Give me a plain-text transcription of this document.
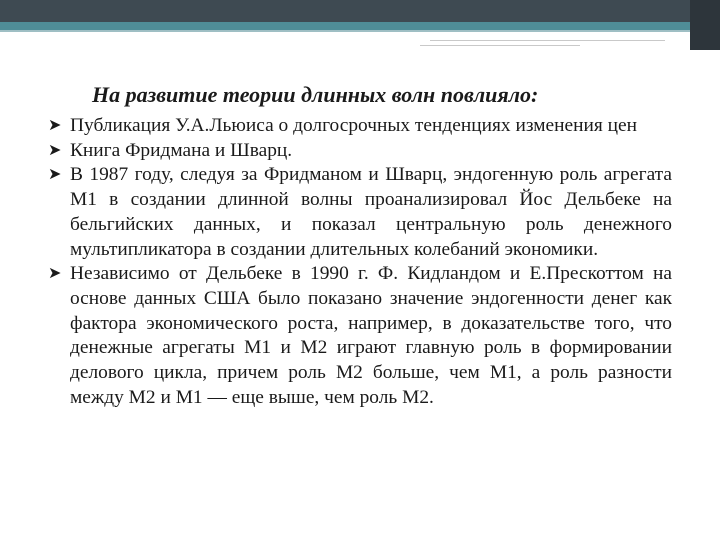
На развитие теории длинных волн повлияло:
➤ Публикация У.А.Льюиса о долгосрочных тенденциях изменения цен
➤ Книга Фридмана и Шварц.
➤ В 1987 году, следуя за Фридманом и Шварц, эндогенную роль агрегата М1 в создании длинной волны проанализировал Йос Дельбеке на бельгийских данных, и показал центральную роль денежного мультипликатора в создании длительных колебаний экономики.
➤ Независимо от Дельбеке в 1990 г. Ф. Кидландом и Е.Прескоттом на основе данных США было показано значение эндогенности денег как фактора экономического роста, например, в доказательстве того, что денежные агрегаты М1 и М2 играют главную роль в формировании делового цикла, причем роль М2 больше, чем М1, а роль разности между М2 и М1 — еще выше, чем роль М2.
